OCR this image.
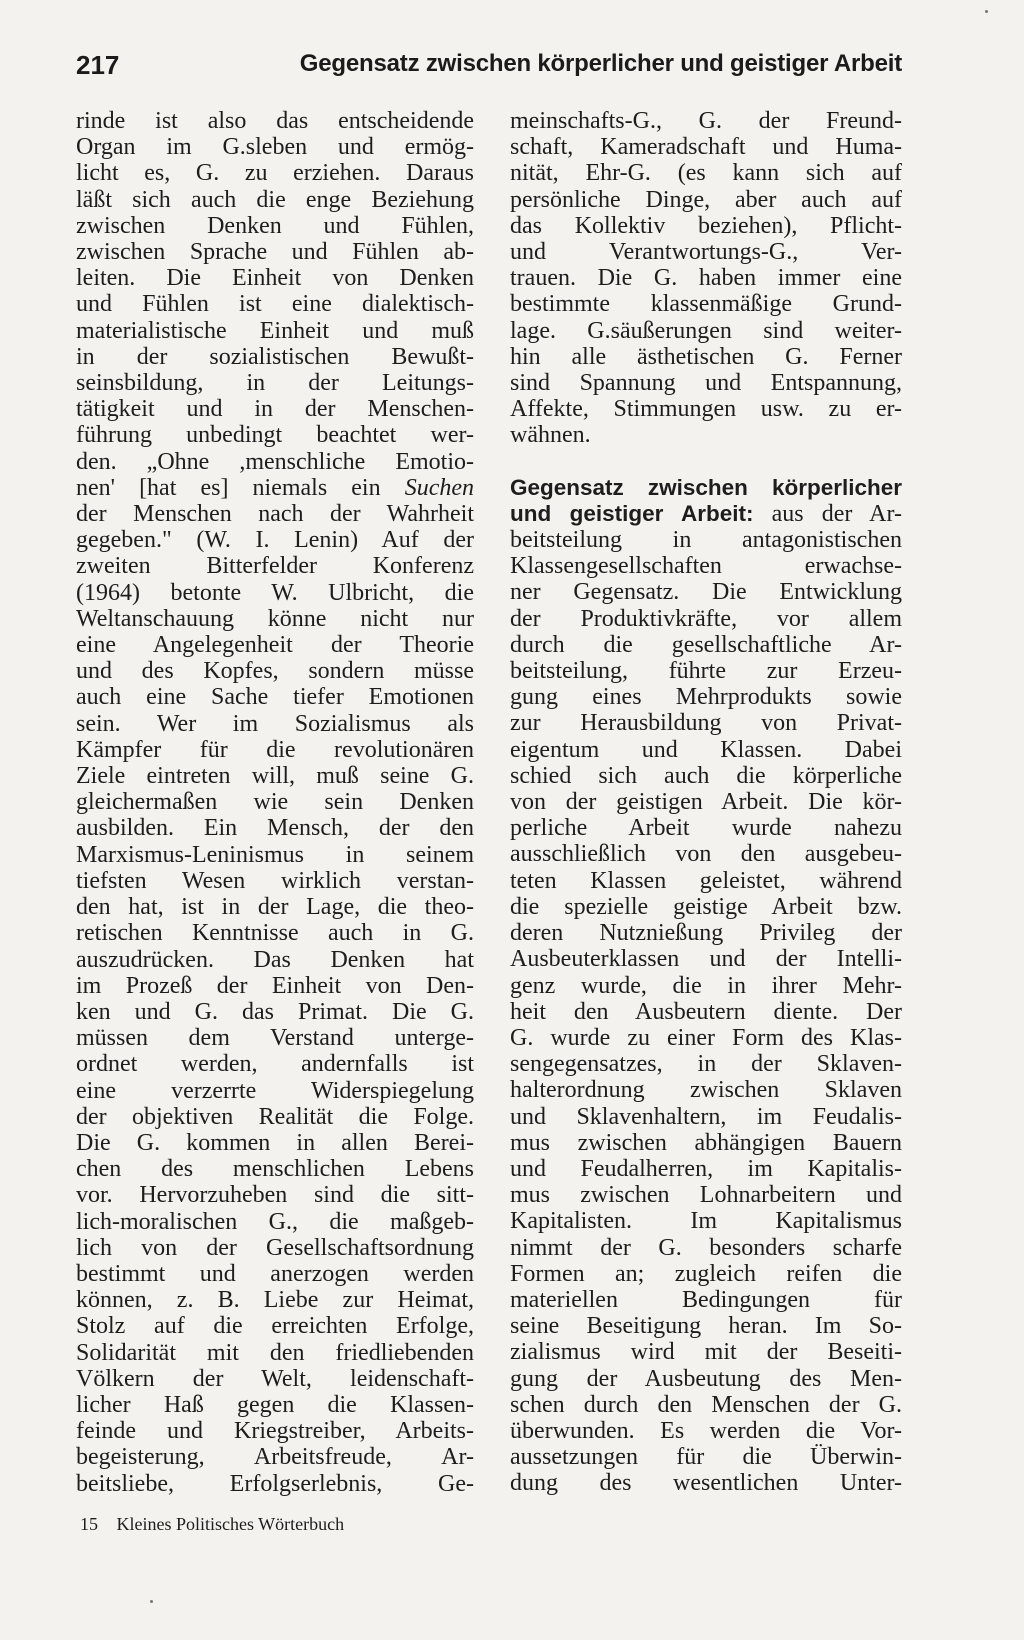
217	Gegensatz zwischen körperlicher und geistiger Arbeit
rinde ist also das entscheidende
Organ im G.sleben und ermög-
licht es, G. zu erziehen. Daraus
läßt sich auch die enge Beziehung
zwischen Denken und Fühlen,
zwischen Sprache und Fühlen ab-
leiten. Die Einheit von Denken
und Fühlen ist eine dialektisch-
materialistische Einheit und muß
in der sozialistischen Bewußt-
seinsbildung, in der Leitungs-
tätigkeit und in der Menschen-
führung unbedingt beachtet wer-
den. „Ohne ,menschliche Emotio-
nen' [hat es] niemals ein Suchen
der Menschen nach der Wahrheit
gegeben." (W. I. Lenin) Auf der
zweiten Bitterfelder Konferenz
(1964) betonte W. Ulbricht, die
Weltanschauung könne nicht nur
eine Angelegenheit der Theorie
und des Kopfes, sondern müsse
auch eine Sache tiefer Emotionen
sein. Wer im Sozialismus als
Kämpfer für die revolutionären
Ziele eintreten will, muß seine G.
gleichermaßen wie sein Denken
ausbilden. Ein Mensch, der den
Marxismus-Leninismus in seinem
tiefsten Wesen wirklich verstan-
den hat, ist in der Lage, die theo-
retischen Kenntnisse auch in G.
auszudrücken. Das Denken hat
im Prozeß der Einheit von Den-
ken und G. das Primat. Die G.
müssen dem Verstand unterge-
ordnet werden, andernfalls ist
eine verzerrte Widerspiegelung
der objektiven Realität die Folge.
Die G. kommen in allen Berei-
chen des menschlichen Lebens
vor. Hervorzuheben sind die sitt-
lich-moralischen G., die maßgeb-
lich von der Gesellschaftsordnung
bestimmt und anerzogen werden
können, z. B. Liebe zur Heimat,
Stolz auf die erreichten Erfolge,
Solidarität mit den friedliebenden
Völkern der Welt, leidenschaft-
licher Haß gegen die Klassen-
feinde und Kriegstreiber, Arbeits-
begeisterung, Arbeitsfreude, Ar-
beitsliebe, Erfolgserlebnis, Ge-
meinschafts-G., G. der Freund-
schaft, Kameradschaft und Huma-
nität, Ehr-G. (es kann sich auf
persönliche Dinge, aber auch auf
das Kollektiv beziehen), Pflicht-
und Verantwortungs-G., Ver-
trauen. Die G. haben immer eine
bestimmte klassenmäßige Grund-
lage. G.säußerungen sind weiter-
hin alle ästhetischen G. Ferner
sind Spannung und Entspannung,
Affekte, Stimmungen usw. zu er-
wähnen.
Gegensatz zwischen körperlicher
und geistiger Arbeit: aus der Ar-
beitsteilung in antagonistischen
Klassengesellschaften erwachse-
ner Gegensatz. Die Entwicklung
der Produktivkräfte, vor allem
durch die gesellschaftliche Ar-
beitsteilung, führte zur Erzeu-
gung eines Mehrprodukts sowie
zur Herausbildung von Privat-
eigentum und Klassen. Dabei
schied sich auch die körperliche
von der geistigen Arbeit. Die kör-
perliche Arbeit wurde nahezu
ausschließlich von den ausgebeu-
teten Klassen geleistet, während
die spezielle geistige Arbeit bzw.
deren Nutznießung Privileg der
Ausbeuterklassen und der Intelli-
genz wurde, die in ihrer Mehr-
heit den Ausbeutern diente. Der
G. wurde zu einer Form des Klas-
sengegensatzes, in der Sklaven-
halterordnung zwischen Sklaven
und Sklavenhaltern, im Feudalis-
mus zwischen abhängigen Bauern
und Feudalherren, im Kapitalis-
mus zwischen Lohnarbeitern und
Kapitalisten. Im Kapitalismus
nimmt der G. besonders scharfe
Formen an; zugleich reifen die
materiellen Bedingungen für
seine Beseitigung heran. Im So-
zialismus wird mit der Beseiti-
gung der Ausbeutung des Men-
schen durch den Menschen der G.
überwunden. Es werden die Vor-
aussetzungen für die Überwin-
dung des wesentlichen Unter-
15 Kleines Politisches Wörterbuch
